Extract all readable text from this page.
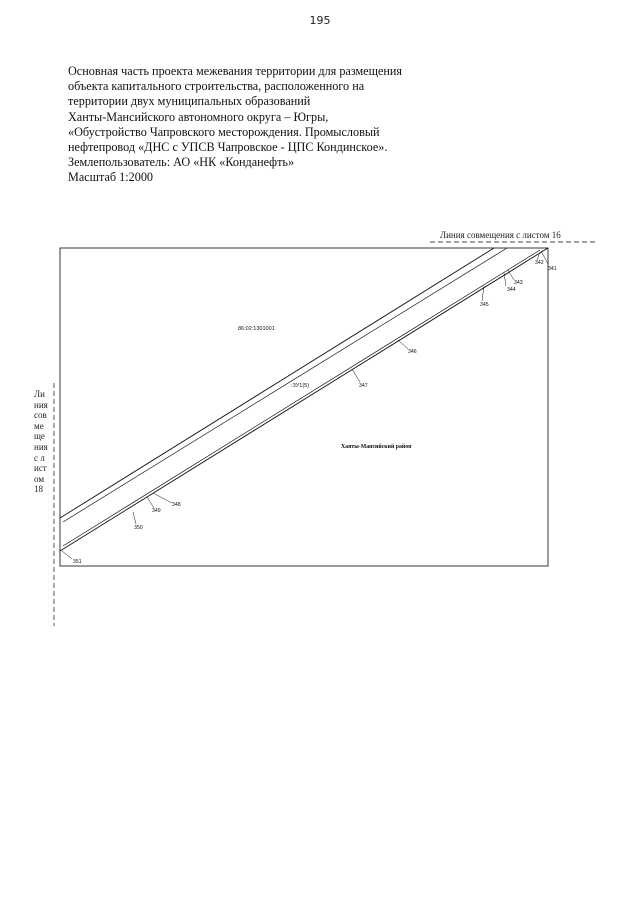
195
Основная часть проекта межевания территории для размещения
объекта капитального строительства, расположенного на
территории двух муниципальных образований
Ханты-Мансийского автономного округа – Югры,
«Обустройство Чапровского месторождения. Промысловый
нефтепровод «ДНС с УПСВ Чапровское - ЦПС Кондинское».
Землепользователь: АО «НК «Конданефть»
Масштаб 1:2000
Линия совмещения с листом 16
342
341
343
344
345
346
347
348
349
350
351
86:02:1301001
:ЗУ1(5)
Ханты-Мансийский район
Линия совмещения с листом 18
